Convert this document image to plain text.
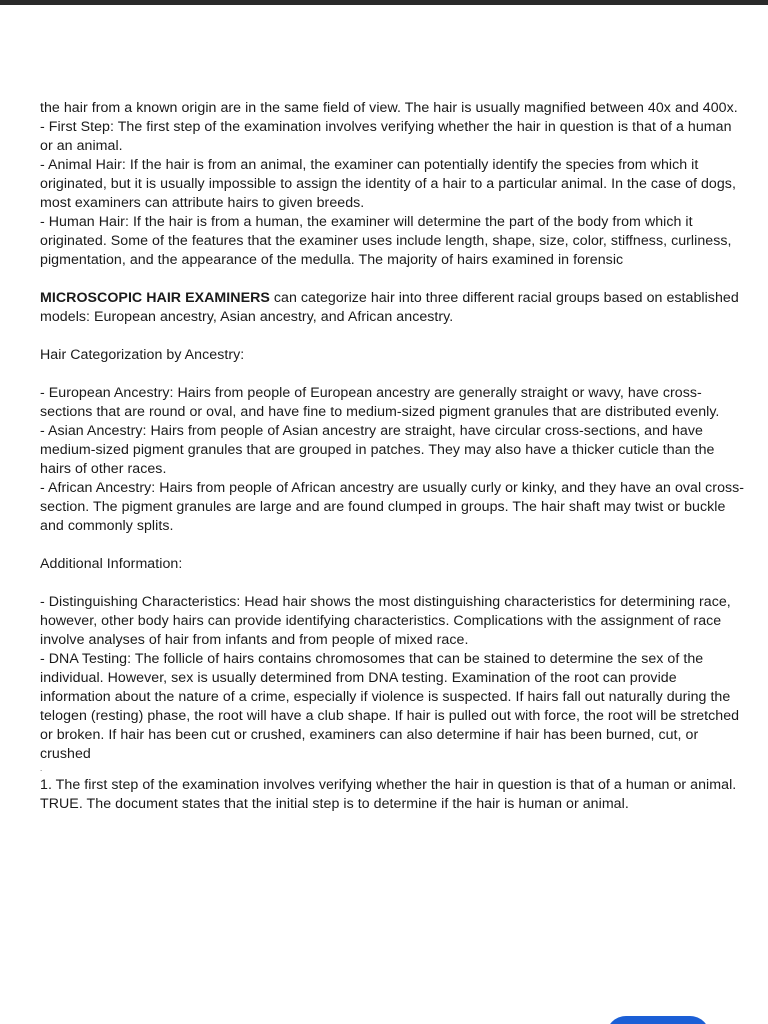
the hair from a known origin are in the same field of view. The hair is usually magnified between 40x and 400x.

- First Step: The first step of the examination involves verifying whether the hair in question is that of a human or an animal.

- Animal Hair: If the hair is from an animal, the examiner can potentially identify the species from which it originated, but it is usually impossible to assign the identity of a hair to a particular animal. In the case of dogs, most examiners can attribute hairs to given breeds.

- Human Hair: If the hair is from a human, the examiner will determine the part of the body from which it originated. Some of the features that the examiner uses include length, shape, size, color, stiffness, curliness, pigmentation, and the appearance of the medulla. The majority of hairs examined in forensic

MICROSCOPIC HAIR EXAMINERS can categorize hair into three different racial groups based on established models: European ancestry, Asian ancestry, and African ancestry.

Hair Categorization by Ancestry:

- European Ancestry: Hairs from people of European ancestry are generally straight or wavy, have cross-sections that are round or oval, and have fine to medium-sized pigment granules that are distributed evenly.

- Asian Ancestry: Hairs from people of Asian ancestry are straight, have circular cross-sections, and have medium-sized pigment granules that are grouped in patches. They may also have a thicker cuticle than the hairs of other races.

- African Ancestry: Hairs from people of African ancestry are usually curly or kinky, and they have an oval cross-section. The pigment granules are large and are found clumped in groups. The hair shaft may twist or buckle and commonly splits.

Additional Information:

- Distinguishing Characteristics: Head hair shows the most distinguishing characteristics for determining race, however, other body hairs can provide identifying characteristics. Complications with the assignment of race involve analyses of hair from infants and from people of mixed race.

- DNA Testing: The follicle of hairs contains chromosomes that can be stained to determine the sex of the individual. However, sex is usually determined from DNA testing. Examination of the root can provide information about the nature of a crime, especially if violence is suspected. If hairs fall out naturally during the telogen (resting) phase, the root will have a club shape. If hair is pulled out with force, the root will be stretched or broken. If hair has been cut or crushed, examiners can also determine if hair has been burned, cut, or crushed

.

1. The first step of the examination involves verifying whether the hair in question is that of a human or animal. TRUE. The document states that the initial step is to determine if the hair is human or animal.
